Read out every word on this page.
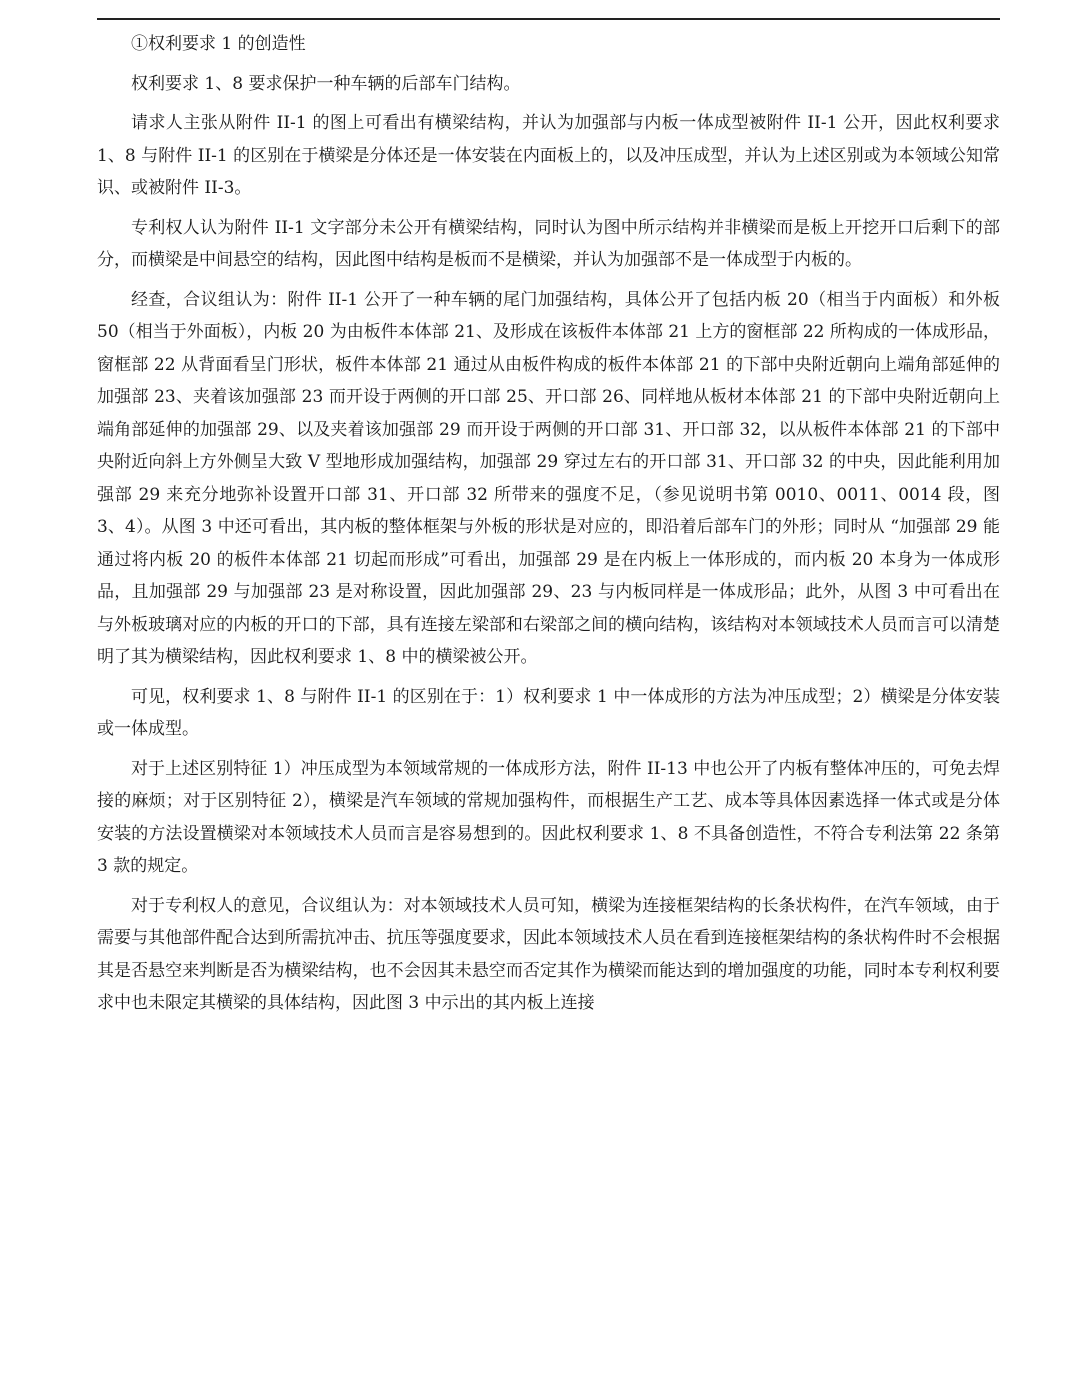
①权利要求 1 的创造性

权利要求 1、8 要求保护一种车辆的后部车门结构。

请求人主张从附件 II-1 的图上可看出有横梁结构，并认为加强部与内板一体成型被附件 II-1 公开，因此权利要求 1、8 与附件 II-1 的区别在于横梁是分体还是一体安装在内面板上的，以及冲压成型，并认为上述区别或为本领域公知常识、或被附件 II-3。

专利权人认为附件 II-1 文字部分未公开有横梁结构，同时认为图中所示结构并非横梁而是板上开挖开口后剩下的部分，而横梁是中间悬空的结构，因此图中结构是板而不是横梁，并认为加强部不是一体成型于内板的。

经查，合议组认为：附件 II-1 公开了一种车辆的尾门加强结构，具体公开了包括内板 20（相当于内面板）和外板 50（相当于外面板），内板 20 为由板件本体部 21、及形成在该板件本体部 21 上方的窗框部 22 所构成的一体成形品，窗框部 22 从背面看呈门形状，板件本体部 21 通过从由板件构成的板件本体部 21 的下部中央附近朝向上端角部延伸的加强部 23、夹着该加强部 23 而开设于两侧的开口部 25、开口部 26、同样地从板材本体部 21 的下部中央附近朝向上端角部延伸的加强部 29、以及夹着该加强部 29 而开设于两侧的开口部 31、开口部 32，以从板件本体部 21 的下部中央附近向斜上方外侧呈大致 V 型地形成加强结构，加强部 29 穿过左右的开口部 31、开口部 32 的中央，因此能利用加强部 29 来充分地弥补设置开口部 31、开口部 32 所带来的强度不足，（参见说明书第 0010、0011、0014 段，图 3、4）。从图 3 中还可看出，其内板的整体框架与外板的形状是对应的，即沿着后部车门的外形；同时从 “加强部 29 能通过将内板 20 的板件本体部 21 切起而形成”可看出，加强部 29 是在内板上一体形成的，而内板 20 本身为一体成形品，且加强部 29 与加强部 23 是对称设置，因此加强部 29、23 与内板同样是一体成形品；此外，从图 3 中可看出在与外板玻璃对应的内板的开口的下部，具有连接左梁部和右梁部之间的横向结构，该结构对本领域技术人员而言可以清楚明了其为横梁结构，因此权利要求 1、8 中的横梁被公开。

可见，权利要求 1、8 与附件 II-1 的区别在于：1）权利要求 1 中一体成形的方法为冲压成型；2）横梁是分体安装或一体成型。

对于上述区别特征 1）冲压成型为本领域常规的一体成形方法，附件 II-13 中也公开了内板有整体冲压的，可免去焊接的麻烦；对于区别特征 2），横梁是汽车领域的常规加强构件，而根据生产工艺、成本等具体因素选择一体式或是分体安装的方法设置横梁对本领域技术人员而言是容易想到的。因此权利要求 1、8 不具备创造性，不符合专利法第 22 条第 3 款的规定。

对于专利权人的意见，合议组认为：对本领域技术人员可知，横梁为连接框架结构的长条状构件，在汽车领域，由于需要与其他部件配合达到所需抗冲击、抗压等强度要求，因此本领域技术人员在看到连接框架结构的条状构件时不会根据其是否悬空来判断是否为横梁结构，也不会因其未悬空而否定其作为横梁而能达到的增加强度的功能，同时本专利权利要求中也未限定其横梁的具体结构，因此图 3 中示出的其内板上连接
